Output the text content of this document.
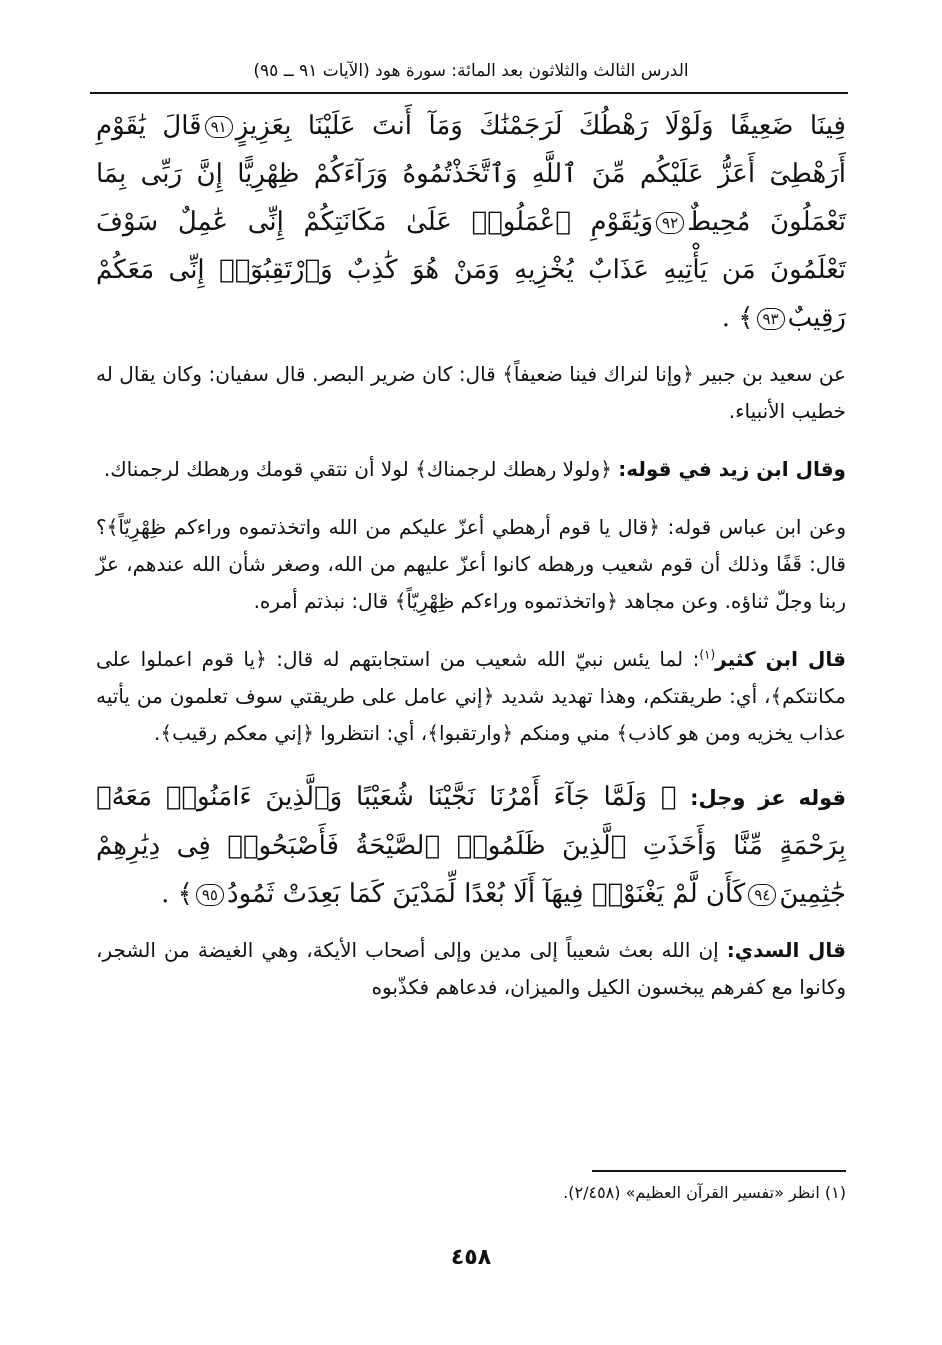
الدرس الثالث والثلاثون بعد المائة: سورة هود (الآيات ٩١ ــ ٩٥)
فِينَا ضَعِيفًا وَلَوْلَا رَهْطُكَ لَرَجَمْنَٰكَ وَمَآ أَنتَ عَلَيْنَا بِعَزِيزٍ٩١قَالَ يَٰقَوْمِ أَرَهْطِىٓ أَعَزُّ عَلَيْكُم مِّنَ ٱللَّهِ وَٱتَّخَذْتُمُوهُ وَرَآءَكُمْ ظِهْرِيًّا إِنَّ رَبِّى بِمَا تَعْمَلُونَ مُحِيطٌ٩٢وَيَٰقَوْمِ ٱعْمَلُوا۟ عَلَىٰ مَكَانَتِكُمْ إِنِّى عَٰمِلٌ سَوْفَ تَعْلَمُونَ مَن يَأْتِيهِ عَذَابٌ يُخْزِيهِ وَمَنْ هُوَ كَٰذِبٌ وَٱرْتَقِبُوٓا۟ إِنِّى مَعَكُمْ رَقِيبٌ٩٣﴾ .

عن سعيد بن جبير ﴿وإنا لنراك فينا ضعيفاً﴾ قال: كان ضرير البصر. قال سفيان: وكان يقال له خطيب الأنبياء.

وقال ابن زيد في قوله: ﴿ولولا رهطك لرجمناك﴾ لولا أن نتقي قومك ورهطك لرجمناك.

وعن ابن عباس قوله: ﴿قال يا قوم أرهطي أعزّ عليكم من الله واتخذتموه وراءكم ظِهْرِيّاً﴾؟ قال: قَفًا وذلك أن قوم شعيب ورهطه كانوا أعزّ عليهم من الله، وصغر شأن الله عندهم، عزّ ربنا وجلّ ثناؤه. وعن مجاهد ﴿واتخذتموه وراءكم ظِهْرِيّاً﴾ قال: نبذتم أمره.

قال ابن كثير$^{(١)}$: لما يئس نبيّ الله شعيب من استجابتهم له قال: ﴿يا قوم اعملوا على مكانتكم﴾، أي: طريقتكم، وهذا تهديد شديد ﴿إني عامل على طريقتي سوف تعلمون من يأتيه عذاب يخزيه ومن هو كاذب﴾ مني ومنكم ﴿وارتقبوا﴾، أي: انتظروا ﴿إني معكم رقيب﴾.

قوله عز وجل: ﴿ وَلَمَّا جَآءَ أَمْرُنَا نَجَّيْنَا شُعَيْبًا وَٱلَّذِينَ ءَامَنُوا۟ مَعَهُۥ بِرَحْمَةٍ مِّنَّا وَأَخَذَتِ ٱلَّذِينَ ظَلَمُوا۟ ٱلصَّيْحَةُ فَأَصْبَحُوا۟ فِى دِيَٰرِهِمْ جَٰثِمِينَ٩٤كَأَن لَّمْ يَغْنَوْا۟ فِيهَآ أَلَا بُعْدًا لِّمَدْيَنَ كَمَا بَعِدَتْ ثَمُودُ٩٥﴾ .

قال السدي: إن الله بعث شعيباً إلى مدين وإلى أصحاب الأيكة، وهي الغيضة من الشجر، وكانوا مع كفرهم يبخسون الكيل والميزان، فدعاهم فكذّبوه

(١) انظر «تفسير القرآن العظيم» (٢/٤٥٨).
٤٥٨
